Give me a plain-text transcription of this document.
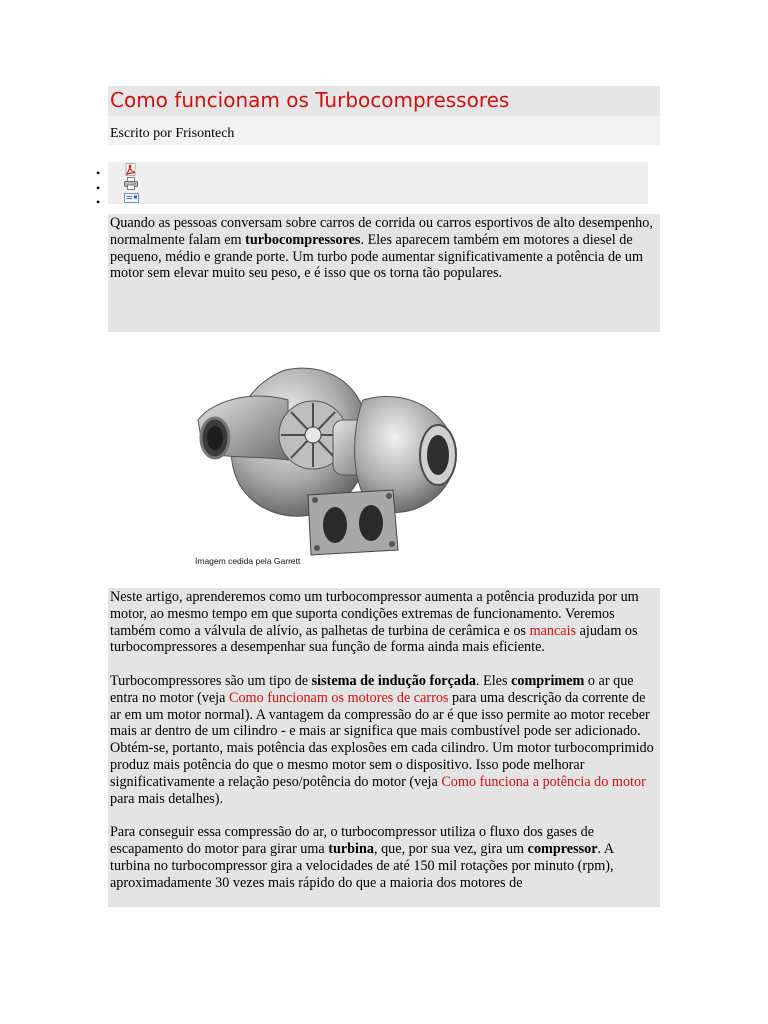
Como funcionam os Turbocompressores
Escrito por Frisontech
•
•
•
Quando as pessoas conversam sobre carros de corrida ou carros esportivos de alto desempenho, normalmente falam em turbocompressores. Eles aparecem também em motores a diesel de pequeno, médio e grande porte. Um turbo pode aumentar significativamente a potência de um motor sem elevar muito seu peso, e é isso que os torna tão populares.
Imagem cedida pela Garrett

Neste artigo, aprenderemos como um turbocompressor aumenta a potência produzida por um motor, ao mesmo tempo em que suporta condições extremas de funcionamento. Veremos também como a válvula de alívio, as palhetas de turbina de cerâmica e os mancais ajudam os turbocompressores a desempenhar sua função de forma ainda mais eficiente.

Turbocompressores são um tipo de sistema de indução forçada. Eles comprimem o ar que entra no motor (veja Como funcionam os motores de carros para uma descrição da corrente de ar em um motor normal). A vantagem da compressão do ar é que isso permite ao motor receber mais ar dentro de um cilindro - e mais ar significa que mais combustível pode ser adicionado. Obtém-se, portanto, mais potência das explosões em cada cilindro. Um motor turbocomprimido produz mais potência do que o mesmo motor sem o dispositivo. Isso pode melhorar significativamente a relação peso/potência do motor (veja Como funciona a potência do motor para mais detalhes).

Para conseguir essa compressão do ar, o turbocompressor utiliza o fluxo dos gases de escapamento do motor para girar uma turbina, que, por sua vez, gira um compressor. A turbina no turbocompressor gira a velocidades de até 150 mil rotações por minuto (rpm), aproximadamente 30 vezes mais rápido do que a maioria dos motores de
